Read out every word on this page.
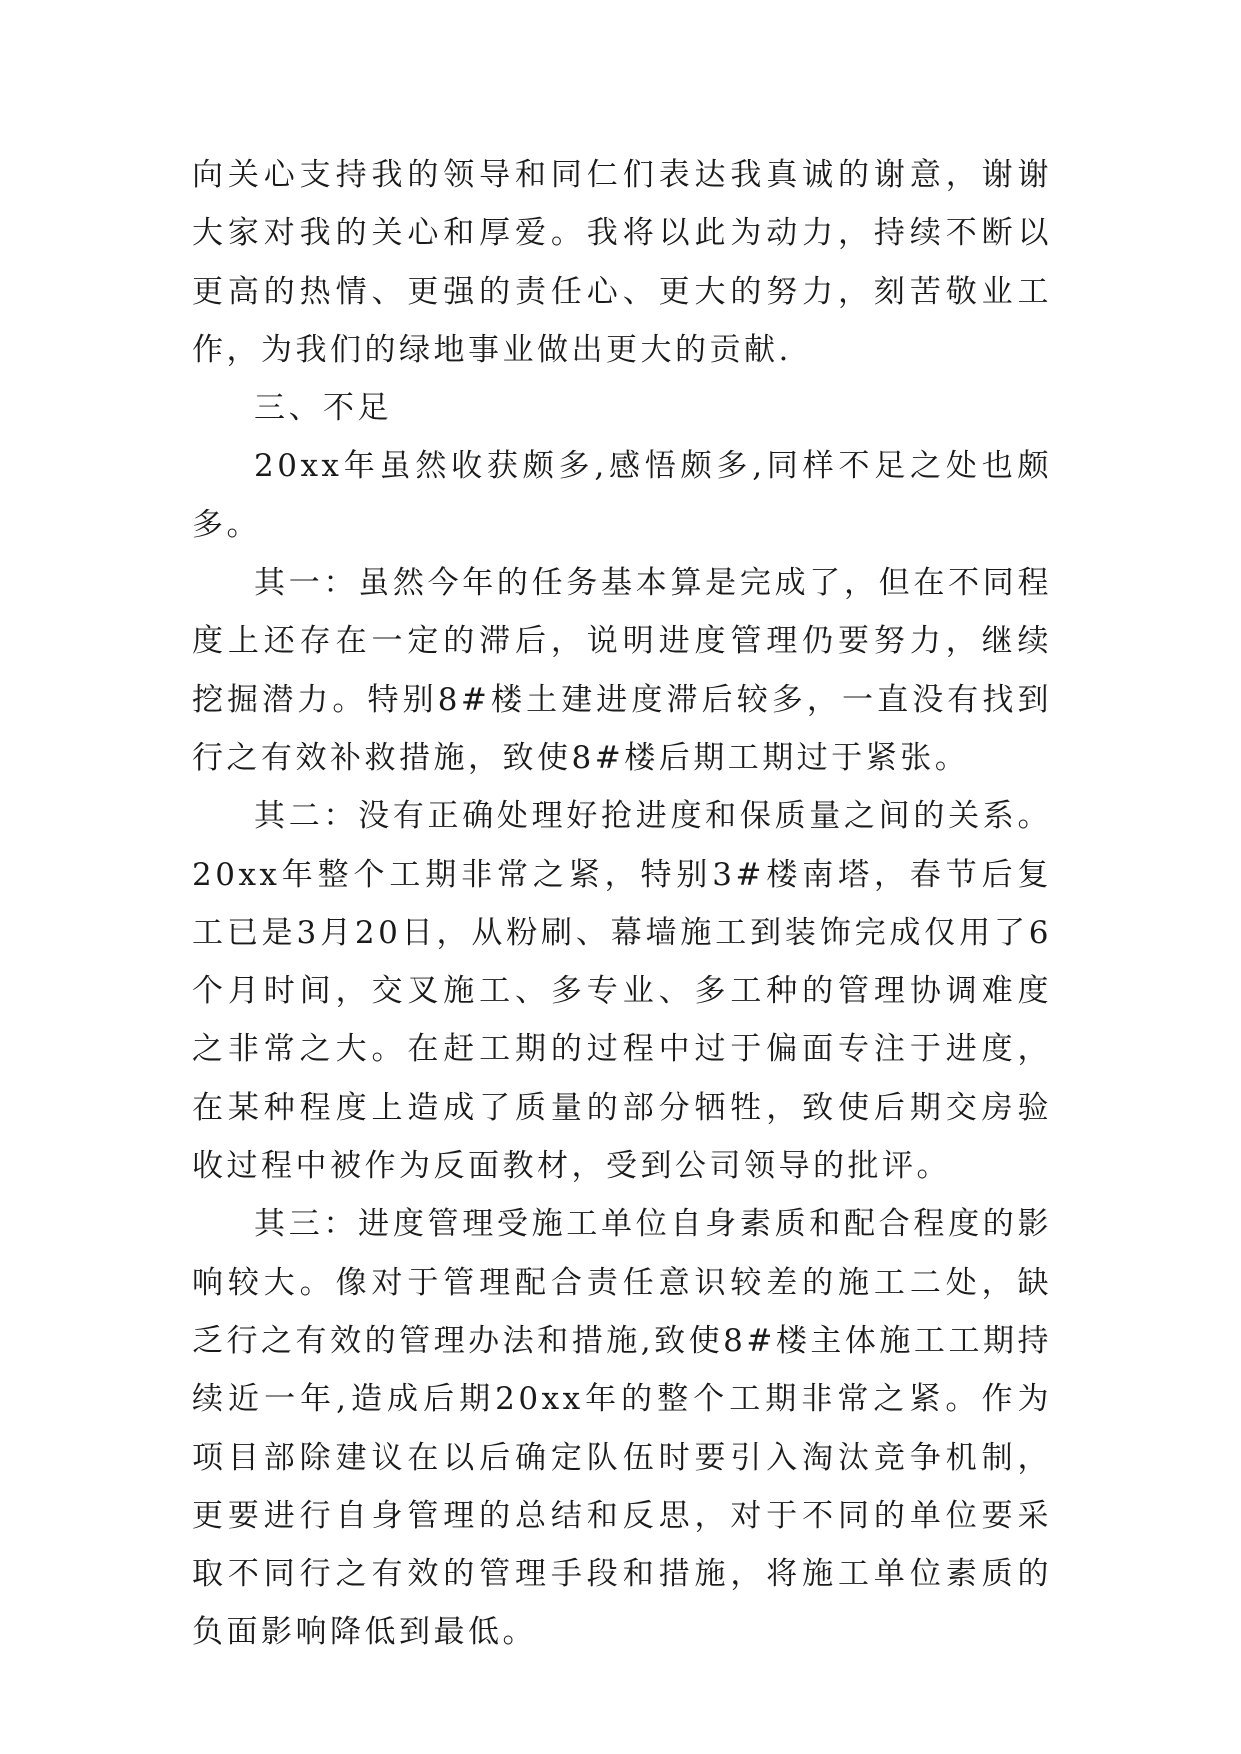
向关心支持我的领导和同仁们表达我真诚的谢意，谢谢大家对我的关心和厚爱。我将以此为动力，持续不断以更高的热情、更强的责任心、更大的努力，刻苦敬业工作，为我们的绿地事业做出更大的贡献.

三、不足

20xx年虽然收获颇多,感悟颇多,同样不足之处也颇多。

其一：虽然今年的任务基本算是完成了，但在不同程度上还存在一定的滞后，说明进度管理仍要努力，继续挖掘潜力。特别8#楼土建进度滞后较多，一直没有找到行之有效补救措施，致使8#楼后期工期过于紧张。

其二：没有正确处理好抢进度和保质量之间的关系。20xx年整个工期非常之紧，特别3#楼南塔，春节后复工已是3月20日，从粉刷、幕墙施工到装饰完成仅用了6个月时间，交叉施工、多专业、多工种的管理协调难度之非常之大。在赶工期的过程中过于偏面专注于进度，在某种程度上造成了质量的部分牺牲，致使后期交房验收过程中被作为反面教材，受到公司领导的批评。

其三：进度管理受施工单位自身素质和配合程度的影响较大。像对于管理配合责任意识较差的施工二处，缺乏行之有效的管理办法和措施,致使8#楼主体施工工期持续近一年,造成后期20xx年的整个工期非常之紧。作为项目部除建议在以后确定队伍时要引入淘汰竞争机制，更要进行自身管理的总结和反思，对于不同的单位要采取不同行之有效的管理手段和措施，将施工单位素质的负面影响降低到最低。
